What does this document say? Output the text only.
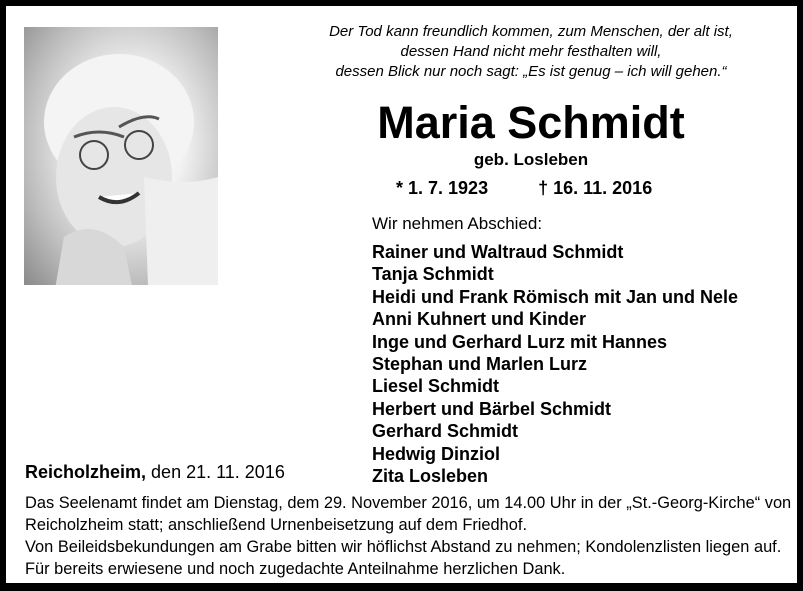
Der Tod kann freundlich kommen, zum Menschen, der alt ist,
dessen Hand nicht mehr festhalten will,
dessen Blick nur noch sagt: „Es ist genug – ich will gehen.“
Maria Schmidt
geb. Losleben
* 1. 7. 1923	† 16. 11. 2016
Wir nehmen Abschied:
Rainer und Waltraud Schmidt
Tanja Schmidt
Heidi und Frank Römisch mit Jan und Nele
Anni Kuhnert und Kinder
Inge und Gerhard Lurz mit Hannes
Stephan und Marlen Lurz
Liesel Schmidt
Herbert und Bärbel Schmidt
Gerhard Schmidt
Hedwig Dinziol
Zita Losleben
Reicholzheim, den 21. 11. 2016

Das Seelenamt findet am Dienstag, dem 29. November 2016, um 14.00 Uhr in der „St.-Georg-Kirche“ von Reicholzheim statt; anschließend Urnenbeisetzung auf dem Friedhof.

Von Beileidsbekundungen am Grabe bitten wir höflichst Abstand zu nehmen; Kondolenzlisten liegen auf. Für bereits erwiesene und noch zugedachte Anteilnahme herzlichen Dank.
